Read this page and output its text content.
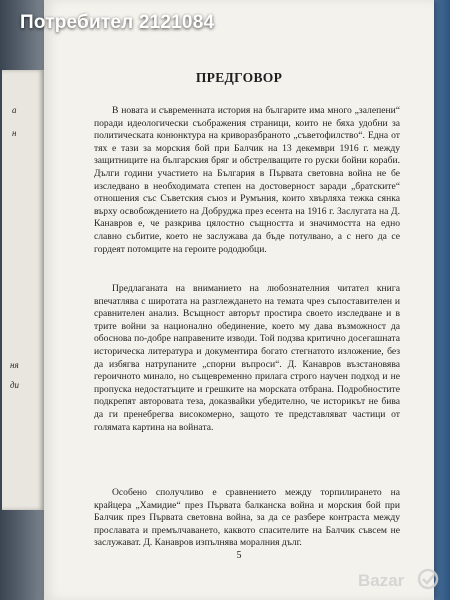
а
н
ня
ди
ПРЕДГОВОР

В новата и съвременната история на българите има много „залепени“ поради идеологически съображения страници, които не бяха удобни за политическата конюнктура на криворазбраното „съветофилство“. Една от тях е тази за морския бой при Балчик на 13 декември 1916 г. между защитниците на българския бряг и обстрелващите го руски бойни кораби. Дълги години участието на България в Първата световна война не бе изследвано в необходимата степен на достоверност заради „братските“ отношения със Съветския съюз и Румъния, които хвърляха тежка сянка върху освобождението на Добруджа през есента на 1916 г. Заслугата на Д. Канавров е, че разкрива цялостно същността и значимостта на едно славно събитие, което не заслужава да бъде потулвано, а с него да се гордеят потомците на героите рододюбци.

Предлаганата на вниманието на любознателния читател книга впечатлява с широтата на разглеждането на темата чрез съпоставителен и сравнителен анализ. Всъщност авторът простира своето изследване и в трите войни за национално обединение, което му дава възможност да обоснова по-добре направените изводи. Той подзва критично досегашната историческа литература и документира богато стегнатото изложение, без да избягва натрупаните „спорни въпроси“. Д. Канавров възстановява героичното минало, но същевременно прилага строго научен подход и не пропуска недостатъците и грешките на морската отбрана. Подробностите подкрепят авторовата теза, доказвайки убедително, че историкът не бива да ги пренебрегва високомерно, защото те представляват частици от голямата картина на войната.

Особено сполучливо е сравнението между торпилирането на крайцера „Хамидие“ през Първата балканска война и морския бой при Балчик през Първата световна война, за да се разбере контраста между прославата и премълчаването, каквото спасителите на Балчик съвсем не заслужават. Д. Канавров изпълнява моралния дълг.

5
Потребител 2121084
Bazar
